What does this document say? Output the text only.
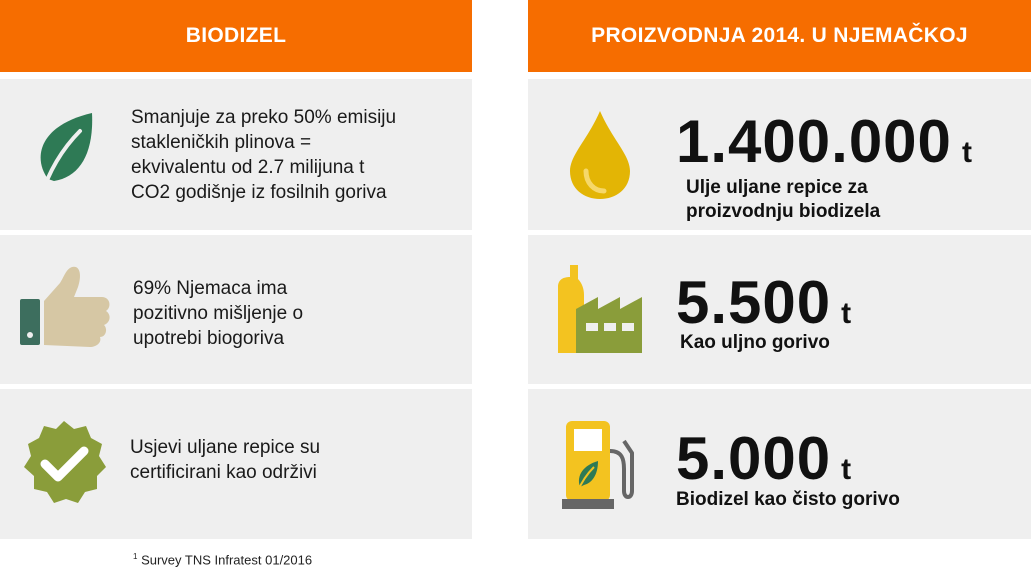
BIODIZEL
Smanjuje za preko 50% emisiju
stakleničkih plinova =
ekvivalentu od 2.7 milijuna t
CO2 godišnje iz fosilnih goriva
69% Njemaca ima
pozitivno mišljenje o
upotrebi biogoriva
Usjevi uljane repice su
certificirani kao održivi
PROIZVODNJA 2014. U NJEMAČKOJ
1.400.000 t
Ulje uljane repice za
proizvodnju biodizela
5.500 t
Kao uljno gorivo
5.000 t
Biodizel kao čisto gorivo
$^1$ Survey TNS Infratest 01/2016
